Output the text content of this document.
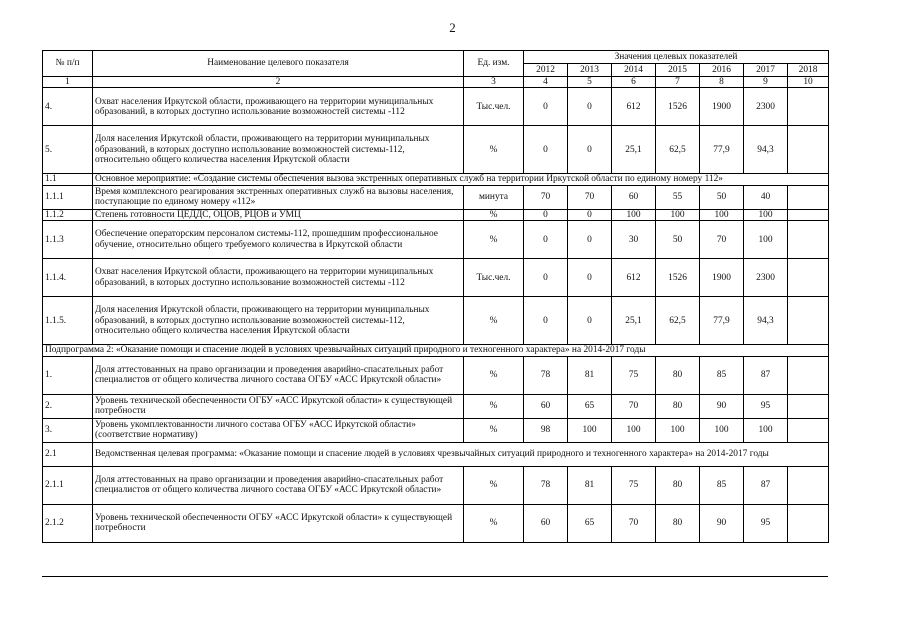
2
№ п/п	Наименование целевого показателя	Ед. изм.	Значения целевых показателей						
			2012	2013	2014	2015	2016	2017	2018
1	2	3	4	5	6	7	8	9	10
4.	Охват населения Иркутской области, проживающего на территории муниципальных образований, в которых доступно использование возможностей системы -112	Тыс.чел.	0	0	612	1526	1900	2300	
5.	Доля населения Иркутской области, проживающего на территории муниципальных образований, в которых доступно использование возможностей системы-112, относительно общего количества населения Иркутской области	%	0	0	25,1	62,5	77,9	94,3	
1.1	Основное мероприятие: «Создание системы обеспечения вызова экстренных оперативных служб на территории Иркутской области по единому номеру 112»								
1.1.1	Время комплексного реагирования экстренных оперативных служб на вызовы населения, поступающие по единому номеру «112»	минута	70	70	60	55	50	40	
1.1.2	Степень готовности ЦЕДДС, ОЦОВ, РЦОВ и УМЦ	%	0	0	100	100	100	100	
1.1.3	Обеспечение операторским персоналом системы-112, прошедшим профессиональное обучение, относительно общего требуемого количества в Иркутской области	%	0	0	30	50	70	100	
1.1.4.	Охват населения Иркутской области, проживающего на территории муниципальных образований, в которых доступно использование возможностей системы -112	Тыс.чел.	0	0	612	1526	1900	2300	
1.1.5.	Доля населения Иркутской области, проживающего на территории муниципальных образований, в которых доступно использование возможностей системы-112, относительно общего количества населения Иркутской области	%	0	0	25,1	62,5	77,9	94,3	
Подпрограмма 2: «Оказание помощи и спасение людей в условиях чрезвычайных ситуаций природного и техногенного характера» на 2014-2017 годы									
1.	Доля аттестованных на право организации и проведения аварийно-спасательных работ специалистов от общего количества личного состава ОГБУ «АСС Иркутской области»	%	78	81	75	80	85	87	
2.	Уровень технической обеспеченности ОГБУ «АСС Иркутской области» к существующей потребности	%	60	65	70	80	90	95	
3.	Уровень укомплектованности личного состава ОГБУ «АСС Иркутской области» (соответствие нормативу)	%	98	100	100	100	100	100	
2.1	Ведомственная целевая программа: «Оказание помощи и спасение людей в условиях чрезвычайных ситуаций природного и техногенного характера» на 2014-2017 годы								
2.1.1	Доля аттестованных на право организации и проведения аварийно-спасательных работ специалистов от общего количества личного состава ОГБУ «АСС Иркутской области»	%	78	81	75	80	85	87	
2.1.2	Уровень технической обеспеченности ОГБУ «АСС Иркутской области» к существующей потребности	%	60	65	70	80	90	95	
